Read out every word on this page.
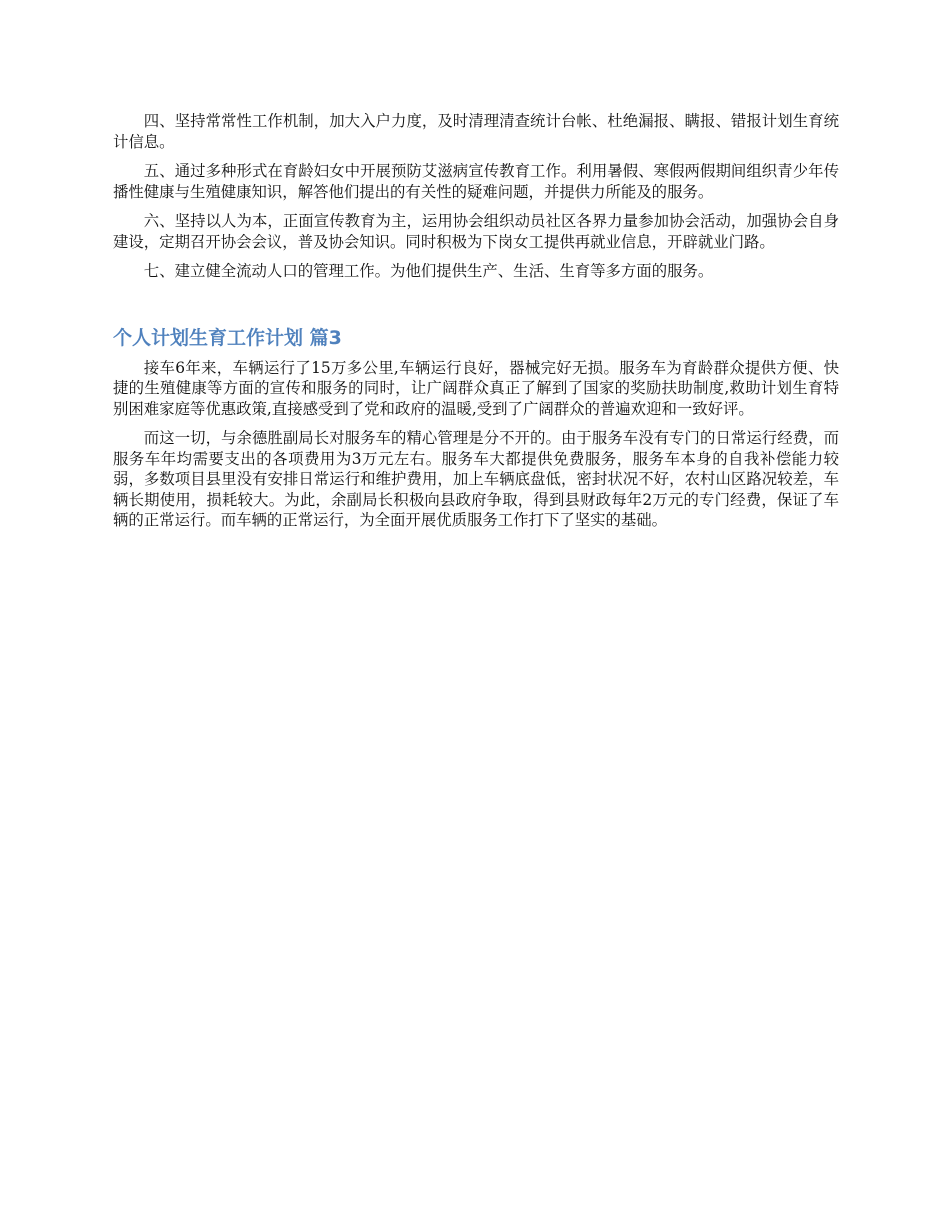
四、坚持常常性工作机制，加大入户力度，及时清理清查统计台帐、杜绝漏报、瞒报、错报计划生育统计信息。

五、通过多种形式在育龄妇女中开展预防艾滋病宣传教育工作。利用暑假、寒假两假期间组织青少年传播性健康与生殖健康知识，解答他们提出的有关性的疑难问题，并提供力所能及的服务。

六、坚持以人为本，正面宣传教育为主，运用协会组织动员社区各界力量参加协会活动，加强协会自身建设，定期召开协会会议，普及协会知识。同时积极为下岗女工提供再就业信息，开辟就业门路。

七、建立健全流动人口的管理工作。为他们提供生产、生活、生育等多方面的服务。

个人计划生育工作计划 篇3

接车6年来，车辆运行了15万多公里,车辆运行良好，器械完好无损。服务车为育龄群众提供方便、快捷的生殖健康等方面的宣传和服务的同时，让广阔群众真正了解到了国家的奖励扶助制度,救助计划生育特别困难家庭等优惠政策,直接感受到了党和政府的温暖,受到了广阔群众的普遍欢迎和一致好评。

而这一切，与余德胜副局长对服务车的精心管理是分不开的。由于服务车没有专门的日常运行经费，而服务车年均需要支出的各项费用为3万元左右。服务车大都提供免费服务，服务车本身的自我补偿能力较弱，多数项目县里没有安排日常运行和维护费用，加上车辆底盘低，密封状况不好，农村山区路况较差，车辆长期使用，损耗较大。为此，余副局长积极向县政府争取，得到县财政每年2万元的专门经费，保证了车辆的正常运行。而车辆的正常运行，为全面开展优质服务工作打下了坚实的基础。
